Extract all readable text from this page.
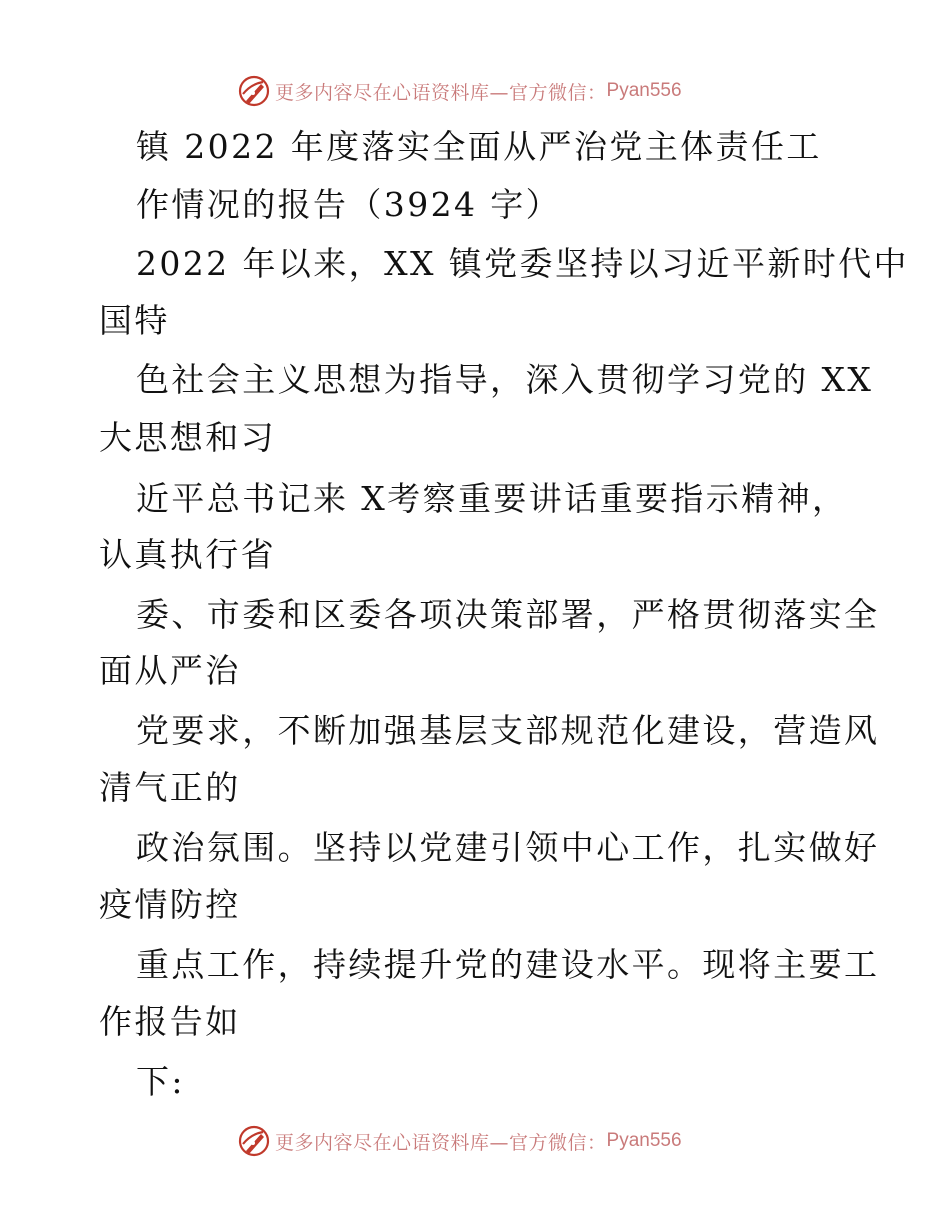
更多内容尽在心语资料库—官方微信： Pyan556
镇 2022 年度落实全面从严治党主体责任工
作情况的报告（3924 字）
2022 年以来，XX 镇党委坚持以习近平新时代中
国特
色社会主义思想为指导，深入贯彻学习党的 XX
大思想和习
近平总书记来 X考察重要讲话重要指示精神，
认真执行省
委、市委和区委各项决策部署，严格贯彻落实全
面从严治
党要求，不断加强基层支部规范化建设，营造风
清气正的
政治氛围。坚持以党建引领中心工作，扎实做好
疫情防控
重点工作，持续提升党的建设水平。现将主要工
作报告如
下:
更多内容尽在心语资料库—官方微信： Pyan556
